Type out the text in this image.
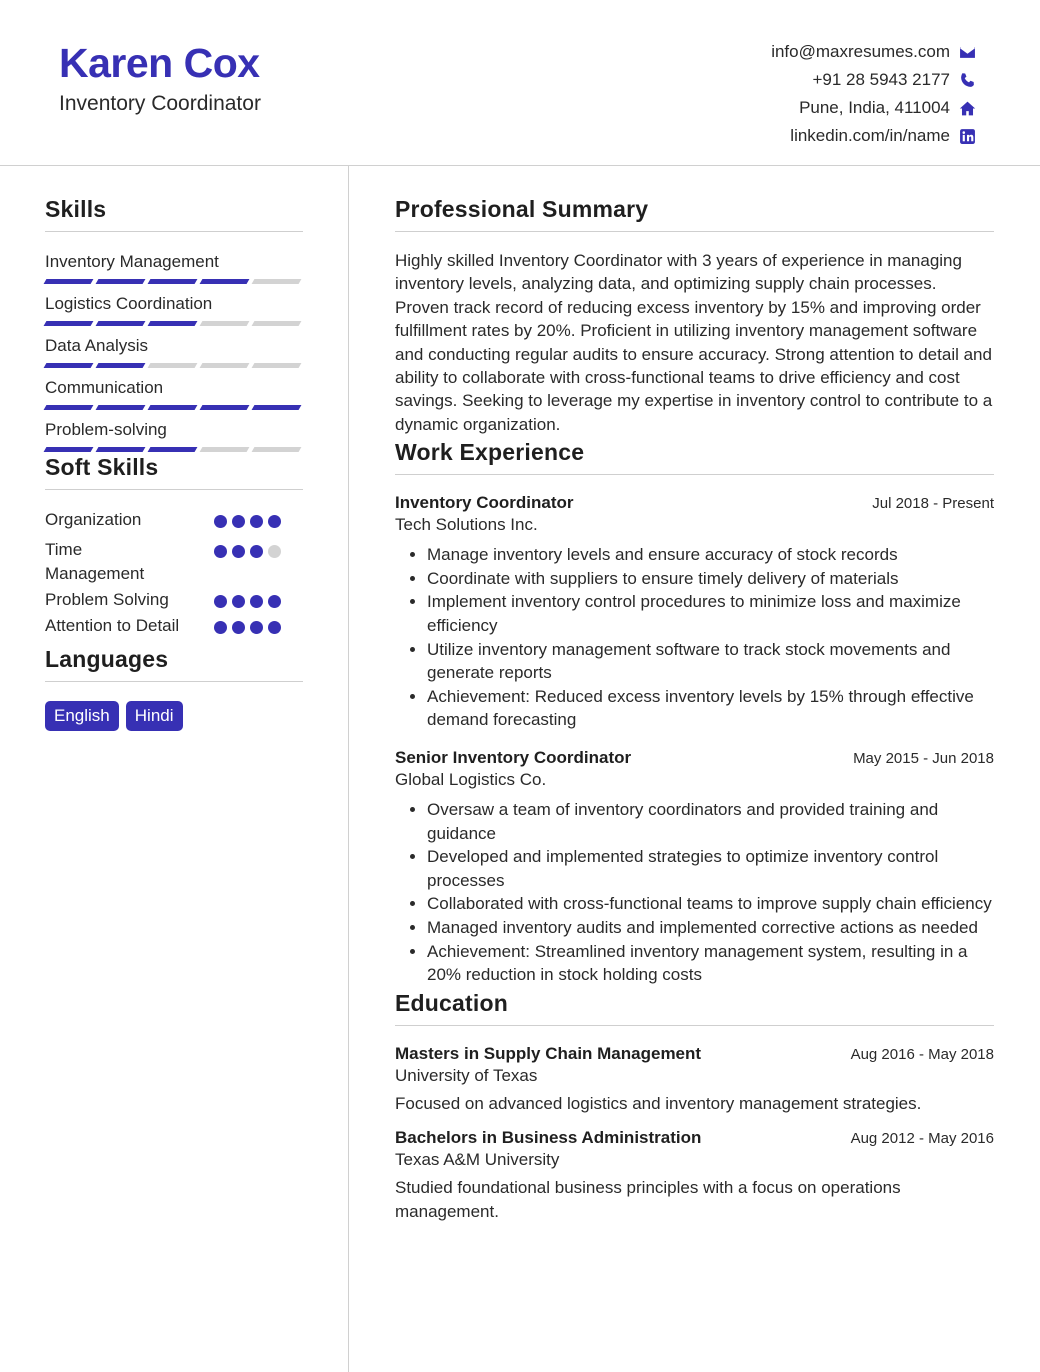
Karen Cox
Inventory Coordinator
info@maxresumes.com
+91 28 5943 2177
Pune, India, 411004
linkedin.com/in/name
Skills
Inventory Management
Logistics Coordination
Data Analysis
Communication
Problem-solving
Soft Skills
Organization
Time Management
Problem Solving
Attention to Detail
Languages
English	Hindi
Professional Summary

Highly skilled Inventory Coordinator with 3 years of experience in managing inventory levels, analyzing data, and optimizing supply chain processes. Proven track record of reducing excess inventory by 15% and improving order fulfillment rates by 20%. Proficient in utilizing inventory management software and conducting regular audits to ensure accuracy. Strong attention to detail and ability to collaborate with cross-functional teams to drive efficiency and cost savings. Seeking to leverage my expertise in inventory control to contribute to a dynamic organization.

Work Experience
Inventory Coordinator	Jul 2018 - Present
Tech Solutions Inc.
• Manage inventory levels and ensure accuracy of stock records
• Coordinate with suppliers to ensure timely delivery of materials
• Implement inventory control procedures to minimize loss and maximize efficiency
• Utilize inventory management software to track stock movements and generate reports
• Achievement: Reduced excess inventory levels by 15% through effective demand forecasting
Senior Inventory Coordinator	May 2015 - Jun 2018
Global Logistics Co.
• Oversaw a team of inventory coordinators and provided training and guidance
• Developed and implemented strategies to optimize inventory control processes
• Collaborated with cross-functional teams to improve supply chain efficiency
• Managed inventory audits and implemented corrective actions as needed
• Achievement: Streamlined inventory management system, resulting in a 20% reduction in stock holding costs
Education
Masters in Supply Chain Management	Aug 2016 - May 2018
University of Texas
Focused on advanced logistics and inventory management strategies.
Bachelors in Business Administration	Aug 2012 - May 2016
Texas A&M University
Studied foundational business principles with a focus on operations management.
